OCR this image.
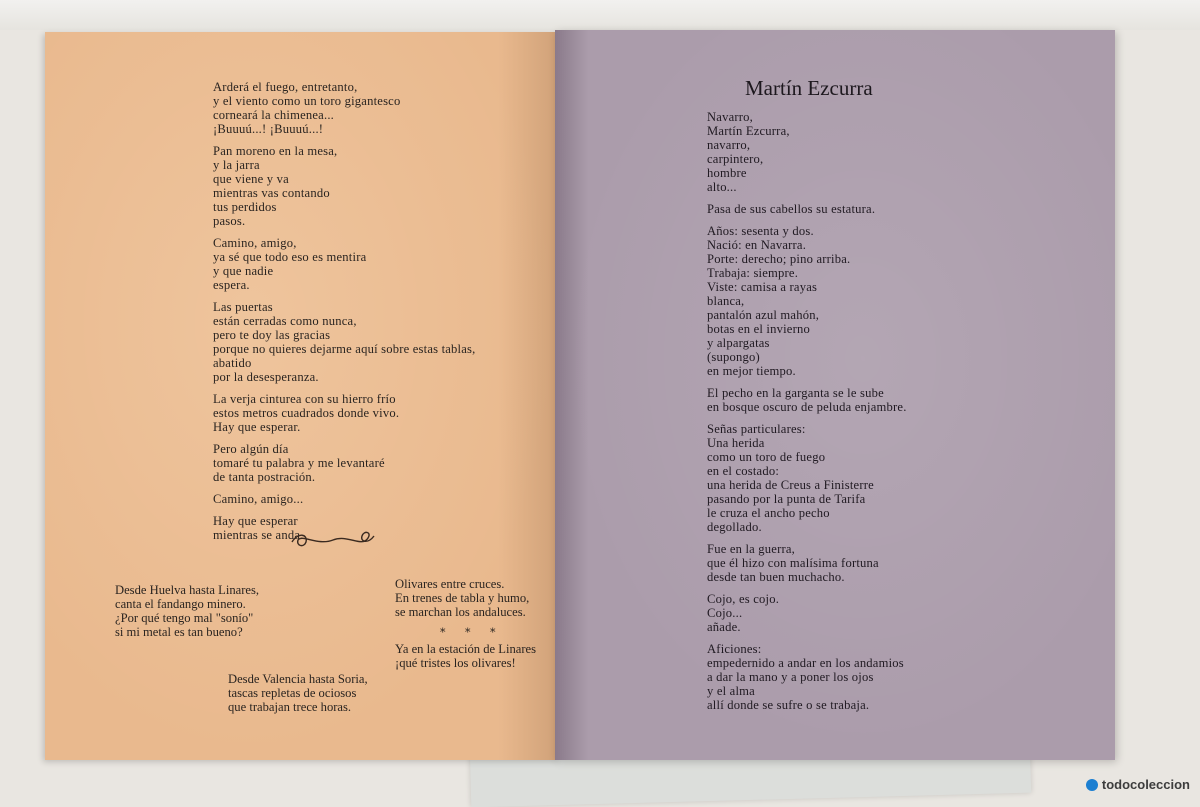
Arderá el fuego, entretanto,
y el viento como un toro gigantesco
corneará la chimenea...
¡Buuuú...! ¡Buuuú...!
Pan moreno en la mesa,
y la jarra
que viene y va
mientras vas contando
tus perdidos
pasos.
Camino, amigo,
ya sé que todo eso es mentira
y que nadie
espera.
Las puertas
están cerradas como nunca,
pero te doy las gracias
porque no quieres dejarme aquí sobre estas tablas,
abatido
por la desesperanza.
La verja cinturea con su hierro frío
estos metros cuadrados donde vivo.
Hay que esperar.
Pero algún día
tomaré tu palabra y me levantaré
de tanta postración.
Camino, amigo...
Hay que esperar
mientras se anda.
Desde Huelva hasta Linares,
canta el fandango minero.
¿Por qué tengo mal "sonío"
si mi metal es tan bueno?
Olivares entre cruces.
En trenes de tabla y humo,
se marchan los andaluces.
* * *
Ya en la estación de Linares
¡qué tristes los olivares!
Desde Valencia hasta Soria,
tascas repletas de ociosos
que trabajan trece horas.
Martín Ezcurra
Navarro,
Martín Ezcurra,
navarro,
carpintero,
hombre
alto...
Pasa de sus cabellos su estatura.
Años: sesenta y dos.
Nació: en Navarra.
Porte: derecho; pino arriba.
Trabaja: siempre.
Viste: camisa a rayas
blanca,
pantalón azul mahón,
botas en el invierno
y alpargatas
(supongo)
en mejor tiempo.
El pecho en la garganta se le sube
en bosque oscuro de peluda enjambre.
Señas particulares:
Una herida
como un toro de fuego
en el costado:
una herida de Creus a Finisterre
pasando por la punta de Tarifa
le cruza el ancho pecho
degollado.
Fue en la guerra,
que él hizo con malísima fortuna
desde tan buen muchacho.
Cojo, es cojo.
Cojo...
añade.
Aficiones:
empedernido a andar en los andamios
a dar la mano y a poner los ojos
y el alma
allí donde se sufre o se trabaja.
todocoleccion
